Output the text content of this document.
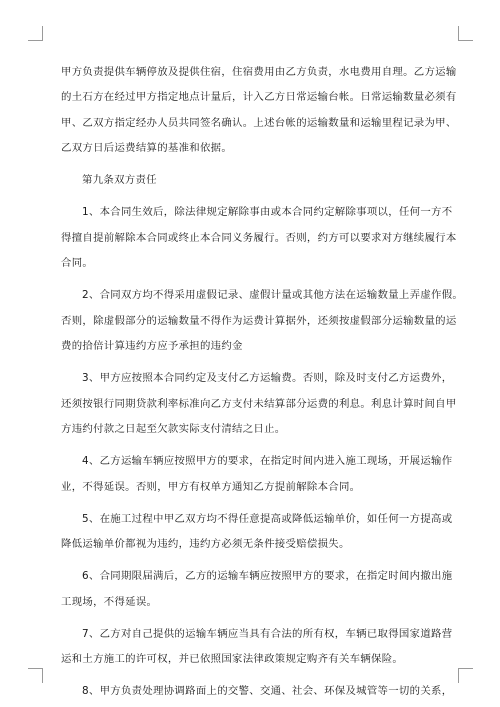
甲方负责提供车辆停放及提供住宿，住宿费用由乙方负责，水电费用自理。乙方运输
的土石方在经过甲方指定地点计量后，计入乙方日常运输台帐。日常运输数量必须有
甲、乙双方指定经办人员共同签名确认。上述台帐的运输数量和运输里程记录为甲、
乙双方日后运费结算的基准和依据。
第九条双方责任
1、本合同生效后，除法律规定解除事由或本合同约定解除事项以，任何一方不
得擅自提前解除本合同或终止本合同义务履行。否则，约方可以要求对方继续履行本
合同。
2、合同双方均不得采用虚假记录、虚假计量或其他方法在运输数量上弄虚作假。
否则，除虚假部分的运输数量不得作为运费计算据外，还须按虚假部分运输数量的运
费的拾倍计算违约方应予承担的违约金
3、甲方应按照本合同约定及支付乙方运输费。否则，除及时支付乙方运费外，
还须按银行同期贷款利率标准向乙方支付未结算部分运费的利息。利息计算时间自甲
方违约付款之日起至欠款实际支付清结之日止。
4、乙方运输车辆应按照甲方的要求，在指定时间内进入施工现场，开展运输作
业，不得延误。否则，甲方有权单方通知乙方提前解除本合同。
5、在施工过程中甲乙双方均不得任意提高或降低运输单价，如任何一方提高或
降低运输单价都视为违约，违约方必须无条件接受赔偿损失。
6、合同期限届满后，乙方的运输车辆应按照甲方的要求，在指定时间内撤出施
工现场，不得延误。
7、乙方对自己提供的运输车辆应当具有合法的所有权，车辆已取得国家道路营
运和土方施工的许可权，并已依照国家法律政策规定购齐有关车辆保险。
8、甲方负责处理协调路面上的交警、交通、社会、环保及城管等一切的关系，
